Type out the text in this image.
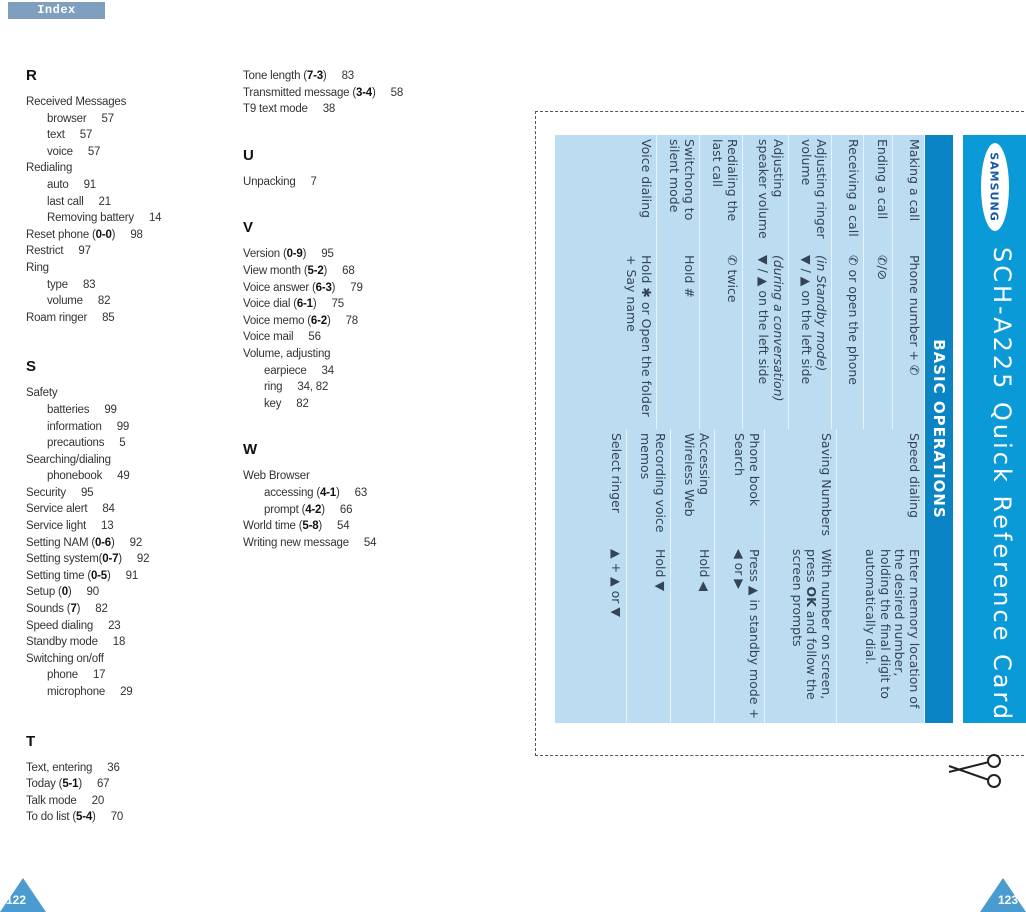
Index
R
Received Messages
browser 57
text 57
voice 57
Redialing
auto 91
last call 21
Removing battery 14
Reset phone (0-0) 98
Restrict 97
Ring
type 83
volume 82
Roam ringer 85
S
Safety
batteries 99
information 99
precautions 5
Searching/dialing
phonebook 49
Security 95
Service alert 84
Service light 13
Setting NAM (0-6) 92
Setting system(0-7) 92
Setting time (0-5) 91
Setup (0) 90
Sounds (7) 82
Speed dialing 23
Standby mode 18
Switching on/off
phone 17
microphone 29
T
Text, entering 36
Today (5-1) 67
Talk mode 20
To do list (5-4) 70
Tone length (7-3) 83
Transmitted message (3-4) 58
T9 text mode 38
U
Unpacking 7
V
Version (0-9) 95
View month (5-2) 68
Voice answer (6-3) 79
Voice dial (6-1) 75
Voice memo (6-2) 78
Voice mail 56
Volume, adjusting
earpiece 34
ring 34, 82
key 82
W
Web Browser
accessing (4-1) 63
prompt (4-2) 66
World time (5-8) 54
Writing new message 54
BASIC OPERATIONS
Making a call
Phone number + ✆
Ending a call
✆/⊘
Receiving a call
✆ or open the phone
Adjusting ringer volume
(in Standby mode)
▼ / ▲ on the left side
Adjusting speaker volume
(during a conversation)
▼ / ▲ on the left side
Redialing the last call
✆ twice
Switchong to silent mode
Hold #
Voice dialing
Hold ✱ or Open the folder + Say name
Speed dialing
Enter memory location of the desired number, holding the final digit to automatically dial.
Saving Numbers
With number on screen, press OK and follow the screen prompts
Phone book Search
Press ▲ in standby mode + ◀ or ▶
Accessing Wireless Web
Hold ◀
Recording voice memos
Hold ▼
Select ringer
▲ + ▲ or ▼
SAMSUNG
SCH-A225 Quick Reference Card
122	123
